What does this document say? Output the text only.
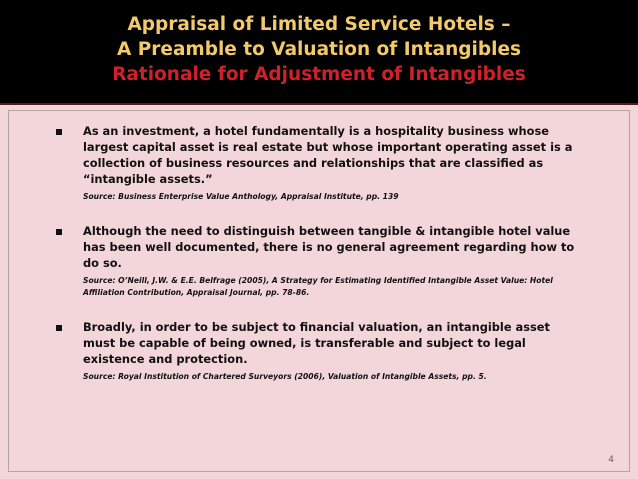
Appraisal of Limited Service Hotels –
A Preamble to Valuation of Intangibles
Rationale for Adjustment of Intangibles
As an investment, a hotel fundamentally is a hospitality business whose largest capital asset is real estate but whose important operating asset is a collection of business resources and relationships that are classified as “intangible assets.”
Source: Business Enterprise Value Anthology, Appraisal Institute, pp. 139
Although the need to distinguish between tangible & intangible hotel value has been well documented, there is no general agreement regarding how to do so.
Source: O’Neill, J.W. & E.E. Belfrage (2005), A Strategy for Estimating Identified Intangible Asset Value: Hotel Affiliation Contribution, Appraisal Journal, pp. 78-86.
Broadly, in order to be subject to financial valuation, an intangible asset must be capable of being owned, is transferable and subject to legal existence and protection.
Source: Royal Institution of Chartered Surveyors (2006), Valuation of Intangible Assets, pp. 5.
4
